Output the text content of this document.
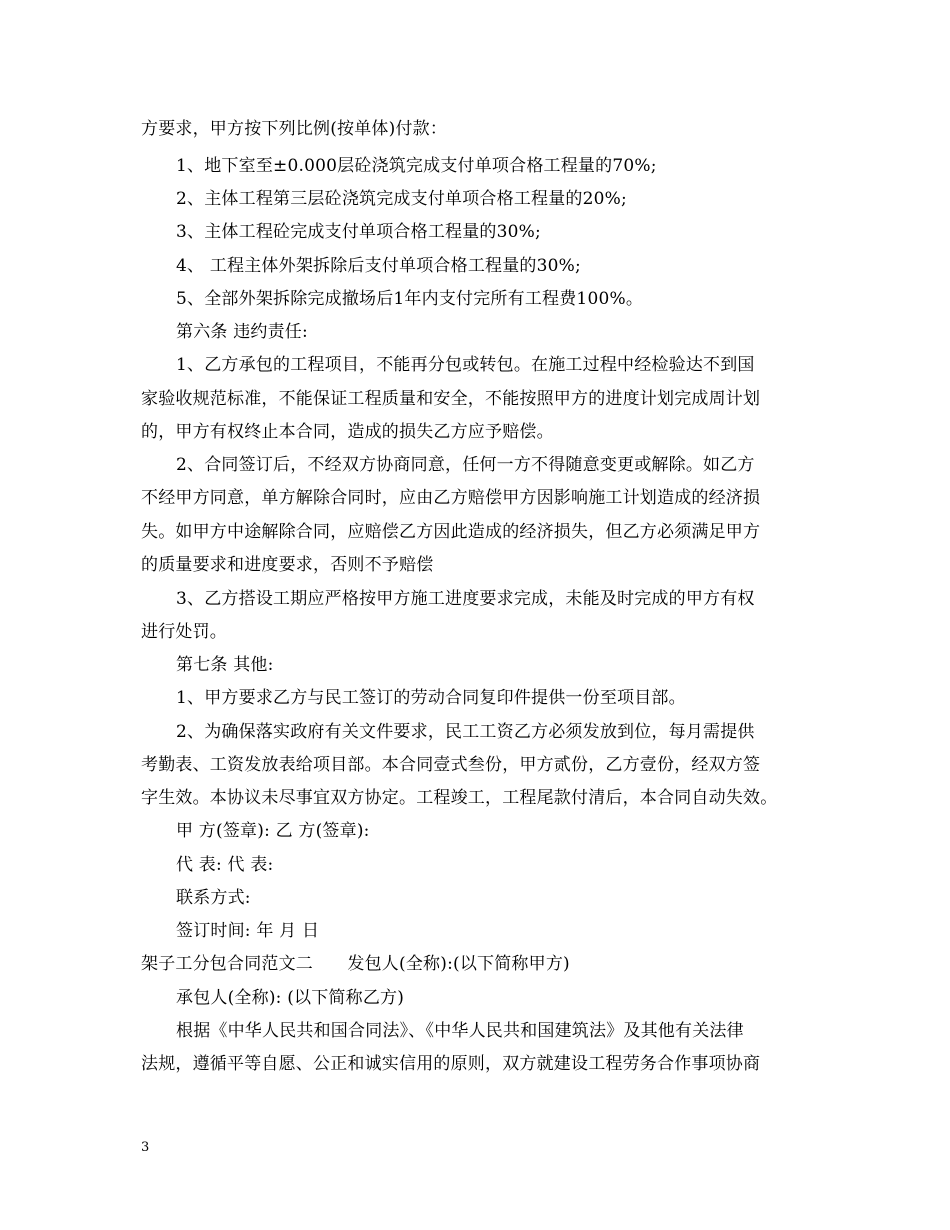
方要求，甲方按下列比例(按单体)付款：
1、地下室至±0.000层砼浇筑完成支付单项合格工程量的70%;
2、主体工程第三层砼浇筑完成支付单项合格工程量的20%;
3、主体工程砼完成支付单项合格工程量的30%;
4、 工程主体外架拆除后支付单项合格工程量的30%;
5、全部外架拆除完成撤场后1年内支付完所有工程费100%。
第六条 违约责任:
1、乙方承包的工程项目，不能再分包或转包。在施工过程中经检验达不到国
家验收规范标准，不能保证工程质量和安全，不能按照甲方的进度计划完成周计划
的，甲方有权终止本合同，造成的损失乙方应予赔偿。
2、合同签订后，不经双方协商同意，任何一方不得随意变更或解除。如乙方
不经甲方同意，单方解除合同时，应由乙方赔偿甲方因影响施工计划造成的经济损
失。如甲方中途解除合同，应赔偿乙方因此造成的经济损失，但乙方必须满足甲方
的质量要求和进度要求，否则不予赔偿
3、乙方搭设工期应严格按甲方施工进度要求完成，未能及时完成的甲方有权
进行处罚。
第七条 其他:
1、甲方要求乙方与民工签订的劳动合同复印件提供一份至项目部。
2、为确保落实政府有关文件要求，民工工资乙方必须发放到位，每月需提供
考勤表、工资发放表给项目部。本合同壹式叁份，甲方贰份，乙方壹份，经双方签
字生效。本协议未尽事宜双方协定。工程竣工，工程尾款付清后，本合同自动失效。
甲 方(签章): 乙 方(签章):
代 表: 代 表:
联系方式:
签订时间: 年 月 日
架子工分包合同范文二　　发包人(全称):(以下简称甲方)
承包人(全称): (以下简称乙方)
根据《中华人民共和国合同法》、《中华人民共和国建筑法》及其他有关法律
法规，遵循平等自愿、公正和诚实信用的原则，双方就建设工程劳务合作事项协商
3
